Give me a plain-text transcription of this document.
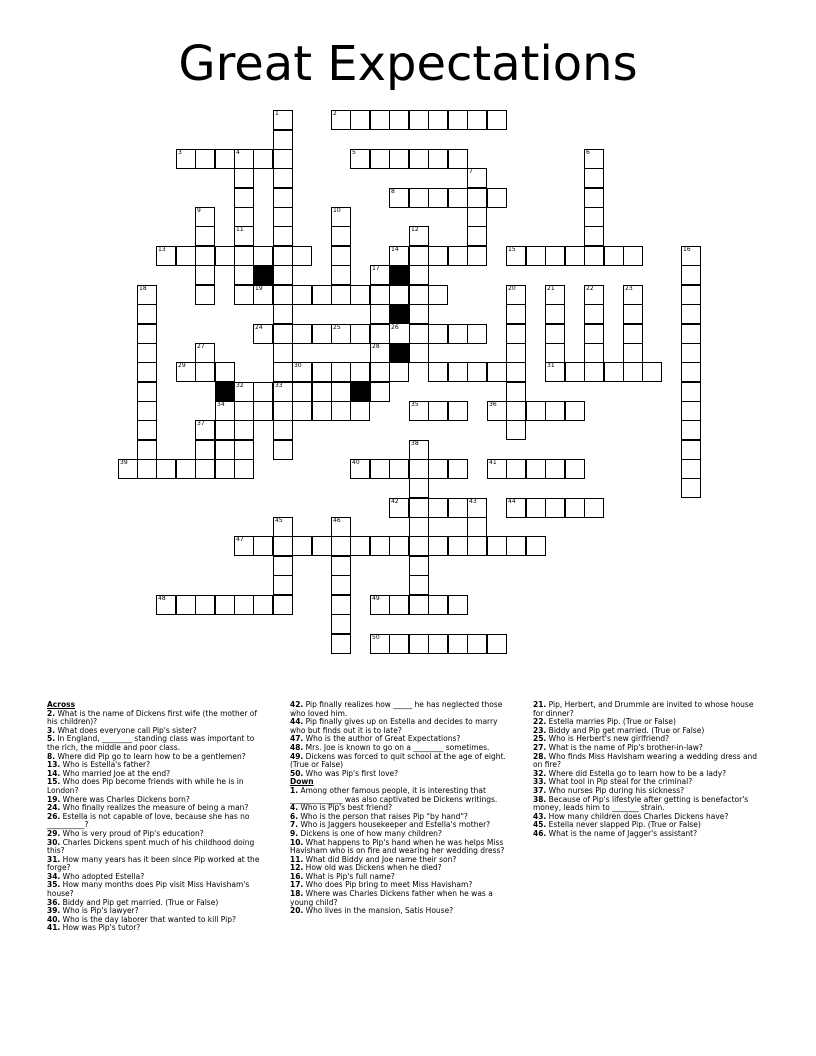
Great Expectations
1	2
3	4	5	6
7
8
9	10
11	12
13	14	15	16
17
18	19	20	21	22	23
24	25	26
27	28
29	30	31
32	33
34	35	36
37
38
39	40	41
42	43	44
45	46
47
48	49
50
Across
2. What is the name of Dickens first wife (the mother of his children)?
3. What does everyone call Pip's sister?
5. In England, ________ standing class was important to the rich, the middle and poor class.
8. Where did Pip go to learn how to be a gentlemen?
13. Who is Estella's father?
14. Who married Joe at the end?
15. Who does Pip become friends with while he is in London?
19. Where was Charles Dickens born?
24. Who finally realizes the measure of being a man?
26. Estella is not capable of love, because she has no __________?
29. Who is very proud of Pip's education?
30. Charles Dickens spent much of his childhood doing this?
31. How many years has it been since Pip worked at the forge?
34. Who adopted Estella?
35. How many months does Pip visit Miss Havisham's house?
36. Biddy and Pip get married. (True or False)
39. Who is Pip's lawyer?
40. Who is the day laborer that wanted to kill Pip?
41. How was Pip's tutor?
42. Pip finally realizes how _____ he has neglected those who loved him.
44. Pip finally gives up on Estella and decides to marry who but finds out it is to late?
47. Who is the author of Great Expectations?
48. Mrs. Joe is known to go on a ________ sometimes.
49. Dickens was forced to quit school at the age of eight. (True or False)
50. Who was Pip's first love?
Down
1. Among other famous people, it is interesting that ______________ was also captivated be Dickens writings.
4. Who is Pip's best friend?
6. Who is the person that raises Pip "by hand"?
7. Who is Jaggers housekeeper and Estella's mother?
9. Dickens is one of how many children?
10. What happens to Pip's hand when he was helps Miss Havisham who is on fire and wearing her wedding dress?
11. What did Biddy and Joe name their son?
12. How old was Dickens when he died?
16. What is Pip's full name?
17. Who does Pip bring to meet Miss Havisham?
18. Where was Charles Dickens father when he was a young child?
20. Who lives in the mansion, Satis House?
21. Pip, Herbert, and Drummle are invited to whose house for dinner?
22. Estella marries Pip. (True or False)
23. Biddy and Pip get married. (True or False)
25. Who is Herbert's new girlfriend?
27. What is the name of Pip's brother-in-law?
28. Who finds Miss Havisham wearing a wedding dress and on fire?
32. Where did Estella go to learn how to be a lady?
33. What tool in Pip steal for the criminal?
37. Who nurses Pip during his sickness?
38. Because of Pip's lifestyle after getting is benefactor's money, leads him to _______ strain.
43. How many children does Charles Dickens have?
45. Estella never slapped Pip. (True or False)
46. What is the name of Jagger's assistant?
